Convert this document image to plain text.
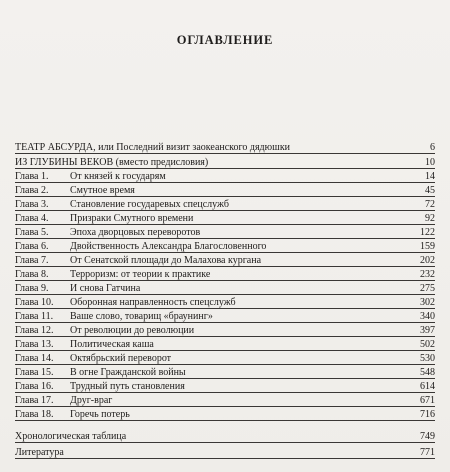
ОГЛАВЛЕНИЕ
ТЕАТР АБСУРДА, или Последний визит заокеанского дядюшки	6
ИЗ ГЛУБИНЫ ВЕКОВ (вместо предисловия)	10
Глава 1. От князей к государям	14
Глава 2. Смутное время	45
Глава 3. Становление государевых спецслужб	72
Глава 4. Призраки Смутного времени	92
Глава 5. Эпоха дворцовых переворотов	122
Глава 6. Двойственность Александра Благословенного	159
Глава 7. От Сенатской площади до Малахова кургана	202
Глава 8. Терроризм: от теории к практике	232
Глава 9. И снова Гатчина	275
Глава 10. Оборонная направленность спецслужб	302
Глава 11. Ваше слово, товарищ «браунинг»	340
Глава 12. От революции до революции	397
Глава 13. Политическая каша	502
Глава 14. Октябрьский переворот	530
Глава 15. В огне Гражданской войны	548
Глава 16. Трудный путь становления	614
Глава 17. Друг-враг	671
Глава 18. Горечь потерь	716
Хронологическая таблица	749
Литература	771
